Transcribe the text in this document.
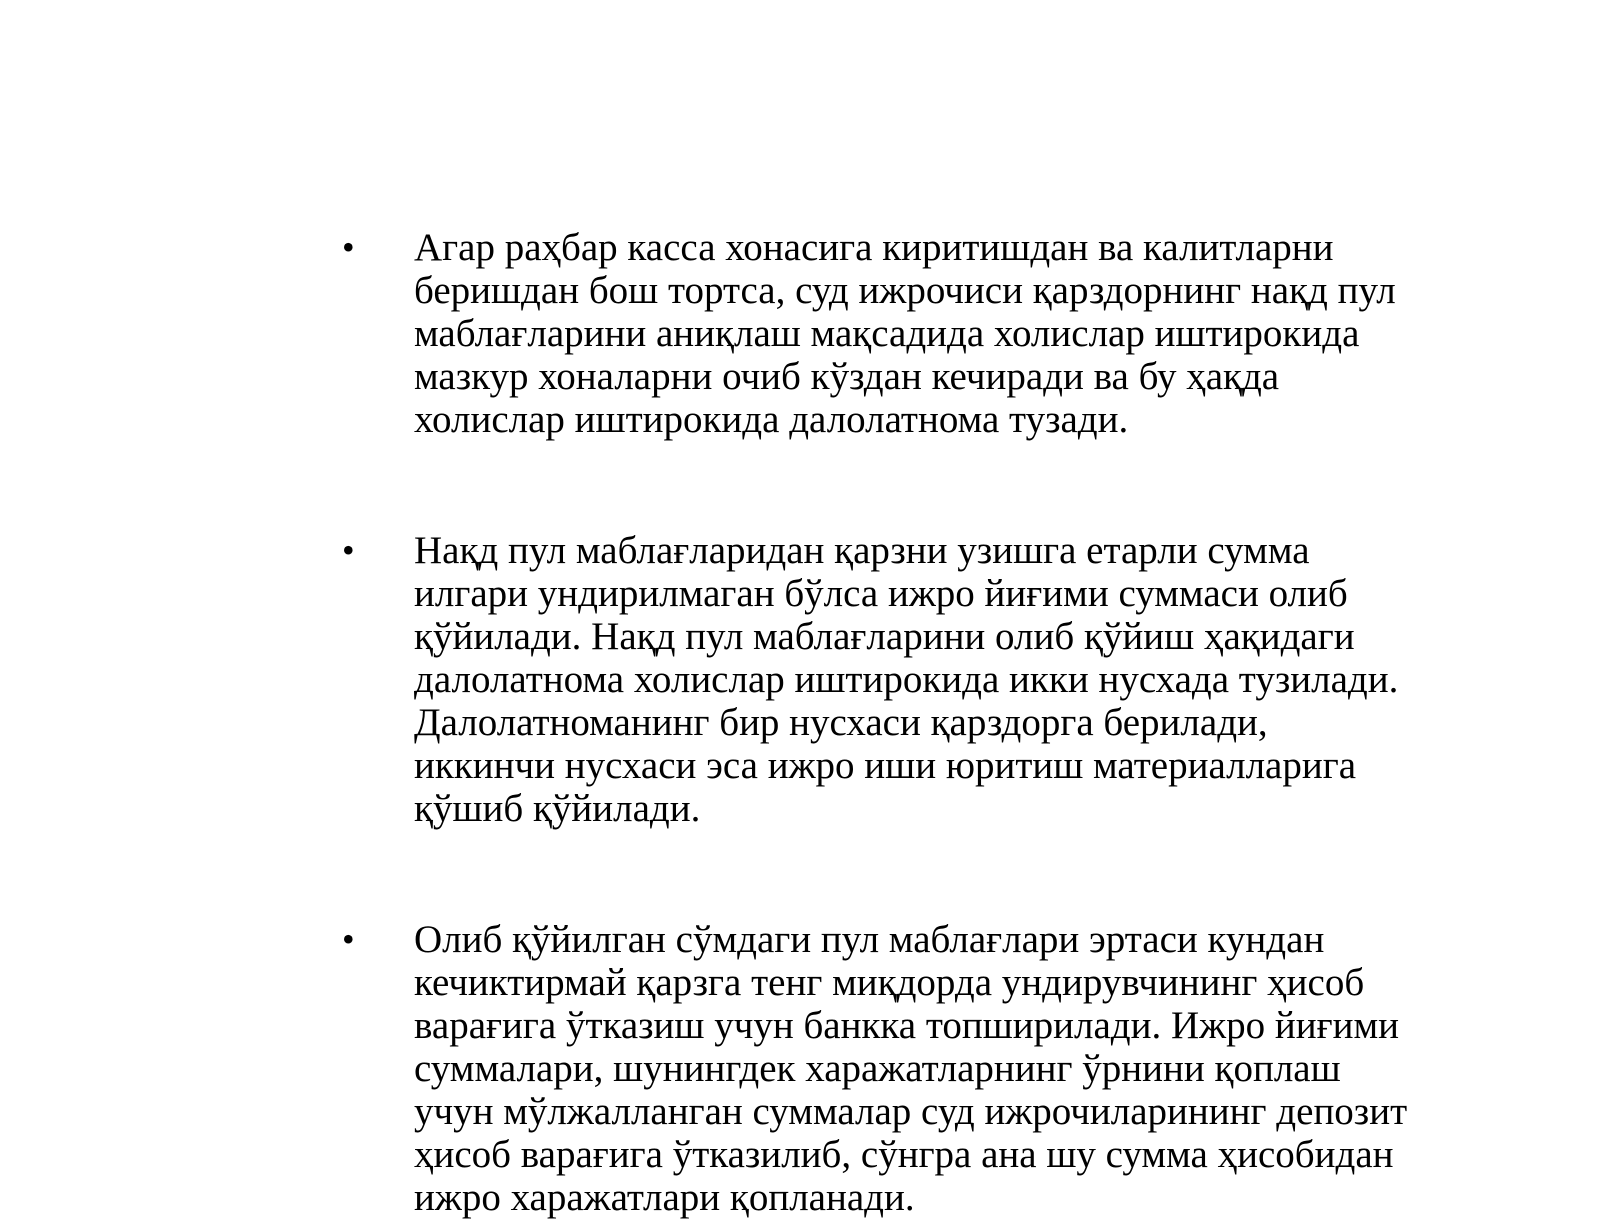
• Агар раҳбар касса хонасига киритишдан ва калитларни
беришдан бош тортса, суд ижрочиси қарздорнинг нақд пул
маблағларини аниқлаш мақсадида холислар иштирокида
мазкур хоналарни очиб кўздан кечиради ва бу ҳақда
холислар иштирокида далолатнома тузади.
• Нақд пул маблағларидан қарзни узишга етарли сумма
илгари ундирилмаган бўлса ижро йиғими суммаси олиб
қўйилади. Нақд пул маблағларини олиб қўйиш ҳақидаги
далолатнома холислар иштирокида икки нусхада тузилади.
Далолатноманинг бир нусхаси қарздорга берилади,
иккинчи нусхаси эса ижро иши юритиш материалларига
қўшиб қўйилади.
• Олиб қўйилган сўмдаги пул маблағлари эртаси кундан
кечиктирмай қарзга тенг миқдорда ундирувчининг ҳисоб
варағига ўтказиш учун банкка топширилади. Ижро йиғими
суммалари, шунингдек харажатларнинг ўрнини қоплаш
учун мўлжалланган суммалар суд ижрочиларининг депозит
ҳисоб варағига ўтказилиб, сўнгра ана шу сумма ҳисобидан
ижро харажатлари қопланади.
